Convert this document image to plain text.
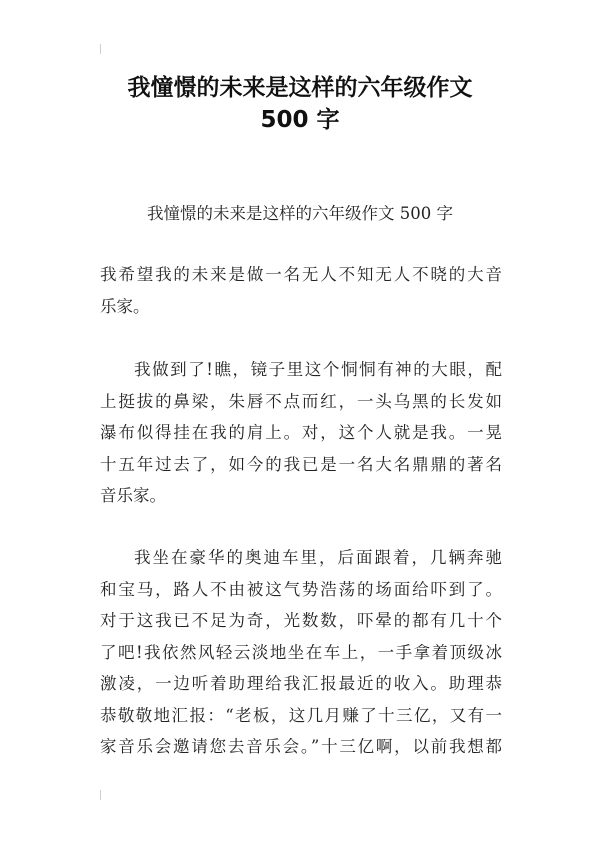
我憧憬的未来是这样的六年级作文
500 字
我憧憬的未来是这样的六年级作文 500 字
我希望我的未来是做一名无人不知无人不晓的大音
乐家。
我做到了!瞧，镜子里这个恫恫有神的大眼，配
上挺拔的鼻梁，朱唇不点而红，一头乌黑的长发如
瀑布似得挂在我的肩上。对，这个人就是我。一晃
十五年过去了，如今的我已是一名大名鼎鼎的著名
音乐家。
我坐在豪华的奥迪车里，后面跟着，几辆奔驰
和宝马，路人不由被这气势浩荡的场面给吓到了。
对于这我已不足为奇，光数数，吓晕的都有几十个
了吧!我依然风轻云淡地坐在车上，一手拿着顶级冰
激凌，一边听着助理给我汇报最近的收入。助理恭
恭敬敬地汇报：“老板，这几月赚了十三亿，又有一
家音乐会邀请您去音乐会。”十三亿啊，以前我想都
